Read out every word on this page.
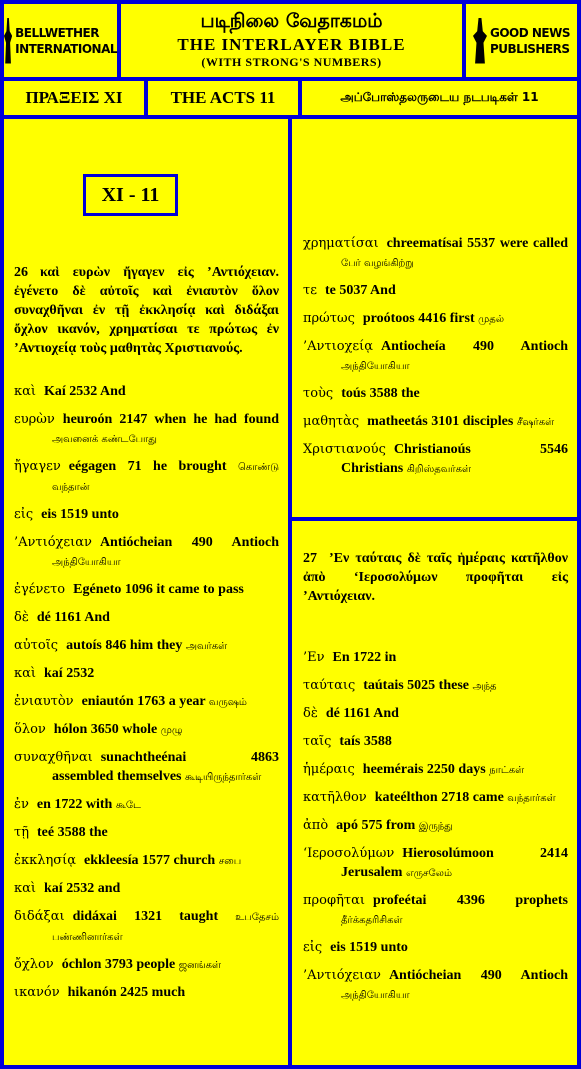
BELLWETHER
INTERNATIONAL
படிநிலை வேதாகமம்
THE INTERLAYER BIBLE
(WITH STRONG'S NUMBERS)
GOOD NEWS
PUBLISHERS
ΠΡΑΞΕΙΣ XI	THE ACTS 11	அப்போஸ்தலருடைய நடபடிகள் 11
XI - 11
26 καὶ ευρὼν ἤγαγεν εἰς ’Αντιόχειαν. ἐγένετο δὲ αὐτοῖς καὶ ἐνιαυτὸν ὅλον συναχθῆναι ἐν τῇ ἐκκλησίᾳ καὶ διδάξαι ὄχλον ικανόν, χρηματίσαι τε πρώτως ἐν ’Αντιοχείᾳ τοὺς μαθητὰς Χριστιανούς.
καὶ Kaí 2532 And
ευρὼν heuroón 2147 when he had found அவனைக் கண்டபோது
ἤγαγεν eégagen 71 he brought கொண்டு வந்தான்
εἰς eis 1519 unto
’Αντιόχειαν Antiócheian 490 Antioch அந்தியோகியா
ἐγένετο Egéneto 1096 it came to pass
δὲ dé 1161 And
αὐτοῖς autoís 846 him they அவர்கள்
καὶ kaí 2532
ἐνιαυτὸν eniautón 1763 a year வருஷம்
ὅλον hólon 3650 whole முழு
συναχθῆναι sunachtheénai 4863 assembled themselves கூடியிருந்தார்கள்
ἐν en 1722 with கூடே
τῇ teé 3588 the
ἐκκλησίᾳ ekkleesía 1577 church சபை
καὶ kaí 2532 and
διδάξαι didáxai 1321 taught உபதேசம் பண்ணினார்கள்
ὄχλον óchlon 3793 people ஜனங்கள்
ικανόν hikanón 2425 much
χρηματίσαι chreematísai 5537 were called பேர் வழங்கிற்று
τε te 5037 And
πρώτως proótoos 4416 first முதல்
’Αντιοχείᾳ Antiocheía 490 Antioch அந்தியோகியா
τοὺς toús 3588 the
μαθητὰς matheetás 3101 disciples சீஷர்கள்
Χριστιανούς Christianoús 5546 Christians கிறிஸ்தவர்கள்
27 ’Εν ταύταις δὲ ταῖς ἡμέραις κατῆλθον ἀπὸ ‘Ιεροσολύμων προφῆται εἰς ’Αντιόχειαν.
’Εν En 1722 in
ταύταις taútais 5025 these அந்த
δὲ dé 1161 And
ταῖς taís 3588
ἡμέραις heemérais 2250 days நாட்கள்
κατῆλθον kateélthon 2718 came வந்தார்கள்
ἀπὸ apó 575 from இருந்து
‘Ιεροσολύμων Hierosolúmoon 2414 Jerusalem எருசலேம்
προφῆται profeétai 4396 prophets தீர்க்கதரிசிகள்
εἰς eis 1519 unto
’Αντιόχειαν Antiócheian 490 Antioch அந்தியோகியா
